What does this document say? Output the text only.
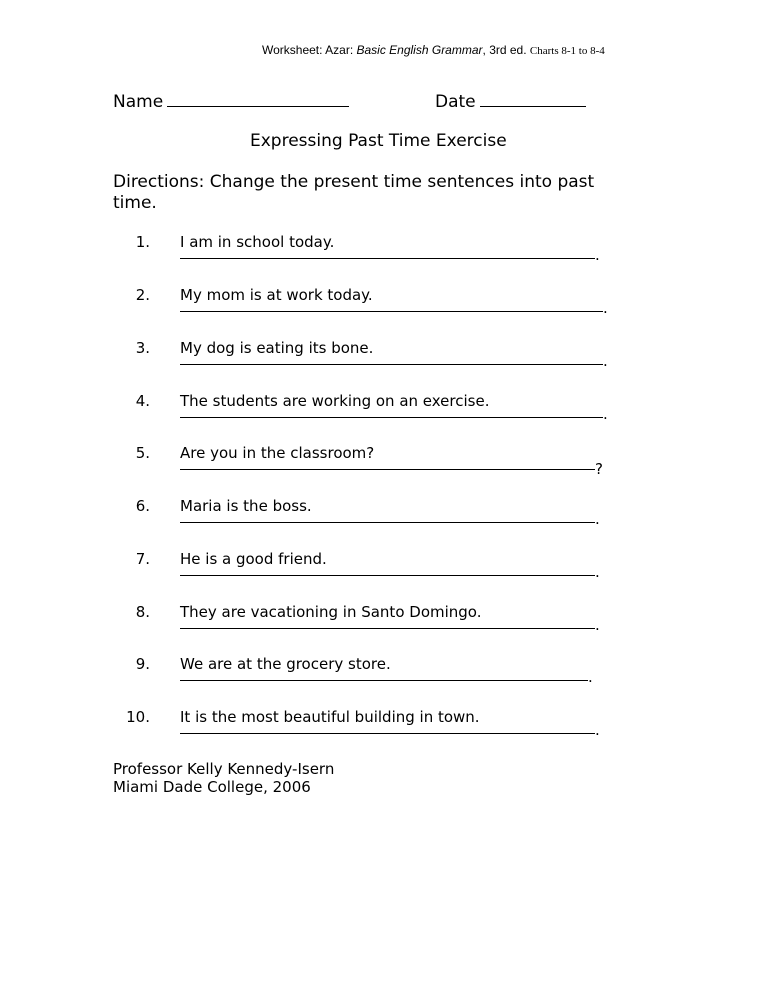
Worksheet: Azar: Basic English Grammar, 3rd ed. Charts 8-1 to 8-4
Name	Date
Expressing Past Time Exercise
Directions: Change the present time sentences into past time.
1. I am in school today.
.
2. My mom is at work today.
.
3. My dog is eating its bone.
.
4. The students are working on an exercise.
.
5. Are you in the classroom?
?
6. Maria is the boss.
.
7. He is a good friend.
.
8. They are vacationing in Santo Domingo.
.
9. We are at the grocery store.
.
10. It is the most beautiful building in town.
.
Professor Kelly Kennedy-Isern
Miami Dade College, 2006
